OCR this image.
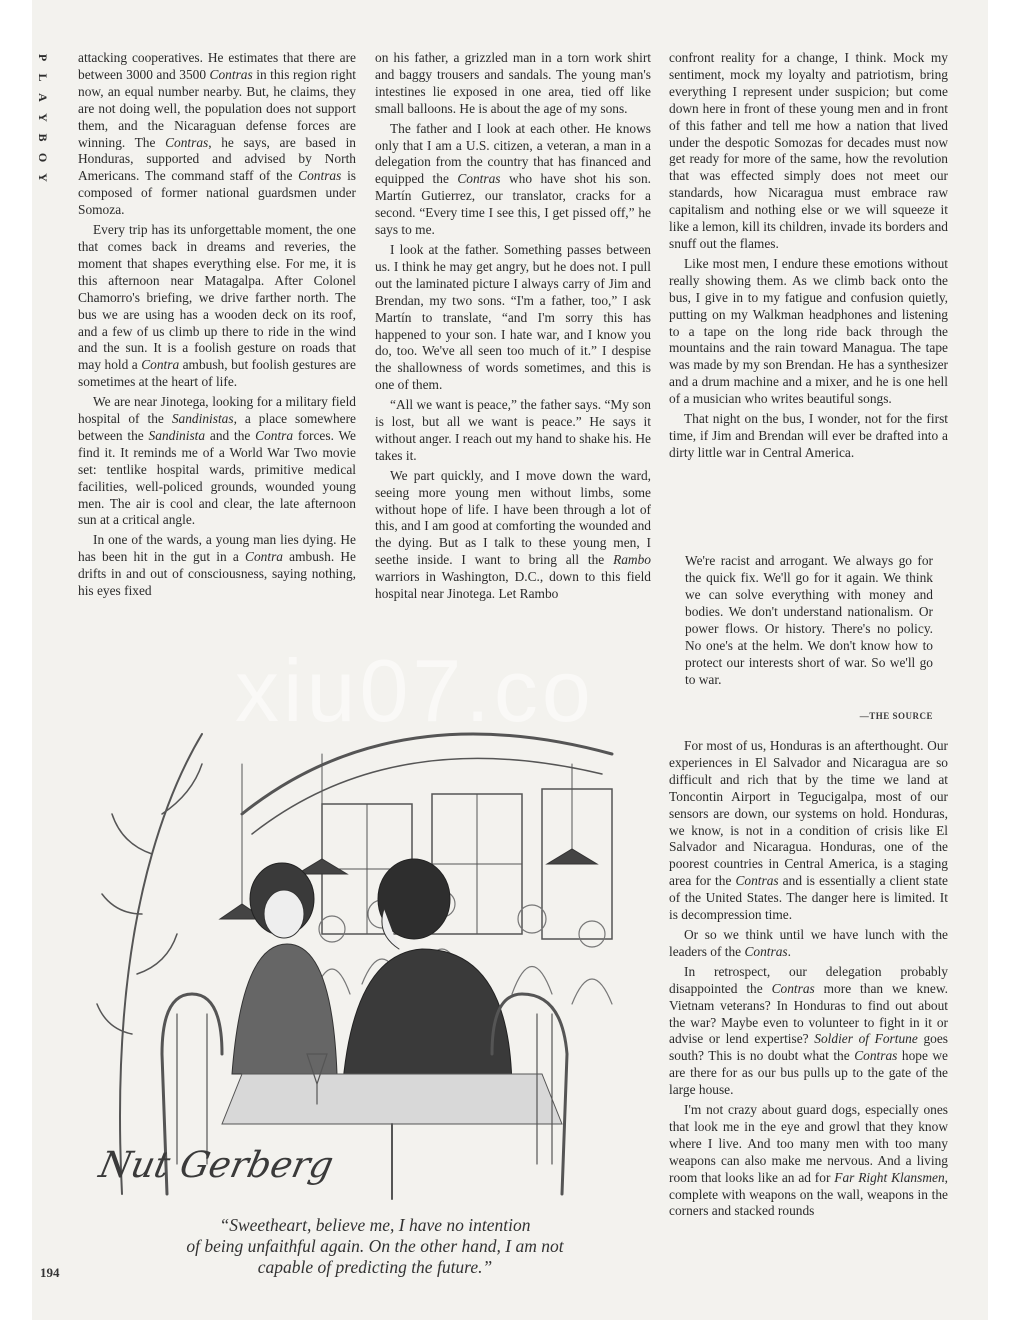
P
L
A
Y
B
O
Y

attacking cooperatives. He estimates that there are between 3000 and 3500 Contras in this region right now, an equal number nearby. But, he claims, they are not doing well, the population does not support them, and the Nicaraguan defense forces are winning. The Contras, he says, are based in Honduras, supported and advised by North Americans. The command staff of the Contras is composed of former national guardsmen under Somoza.

Every trip has its unforgettable moment, the one that comes back in dreams and reveries, the moment that shapes everything else. For me, it is this afternoon near Matagalpa. After Colonel Chamorro's briefing, we drive farther north. The bus we are using has a wooden deck on its roof, and a few of us climb up there to ride in the wind and the sun. It is a foolish gesture on roads that may hold a Contra ambush, but foolish gestures are sometimes at the heart of life.

We are near Jinotega, looking for a military field hospital of the Sandinistas, a place somewhere between the Sandinista and the Contra forces. We find it. It reminds me of a World War Two movie set: tentlike hospital wards, primitive medical facilities, well-policed grounds, wounded young men. The air is cool and clear, the late afternoon sun at a critical angle.

In one of the wards, a young man lies dying. He has been hit in the gut in a Contra ambush. He drifts in and out of consciousness, saying nothing, his eyes fixed

on his father, a grizzled man in a torn work shirt and baggy trousers and sandals. The young man's intestines lie exposed in one area, tied off like small balloons. He is about the age of my sons.

The father and I look at each other. He knows only that I am a U.S. citizen, a veteran, a man in a delegation from the country that has financed and equipped the Contras who have shot his son. Martín Gutierrez, our translator, cracks for a second. “Every time I see this, I get pissed off,” he says to me.

I look at the father. Something passes between us. I think he may get angry, but he does not. I pull out the laminated picture I always carry of Jim and Brendan, my two sons. “I'm a father, too,” I ask Martín to translate, “and I'm sorry this has happened to your son. I hate war, and I know you do, too. We've all seen too much of it.” I despise the shallowness of words sometimes, and this is one of them.

“All we want is peace,” the father says. “My son is lost, but all we want is peace.” He says it without anger. I reach out my hand to shake his. He takes it.

We part quickly, and I move down the ward, seeing more young men without limbs, some without hope of life. I have been through a lot of this, and I am good at comforting the wounded and the dying. But as I talk to these young men, I seethe inside. I want to bring all the Rambo warriors in Washington, D.C., down to this field hospital near Jinotega. Let Rambo

confront reality for a change, I think. Mock my sentiment, mock my loyalty and patriotism, bring everything I represent under suspicion; but come down here in front of these young men and in front of this father and tell me how a nation that lived under the despotic Somozas for decades must now get ready for more of the same, how the revolution that was effected simply does not meet our standards, how Nicaragua must embrace raw capitalism and nothing else or we will squeeze it like a lemon, kill its children, invade its borders and snuff out the flames.

Like most men, I endure these emotions without really showing them. As we climb back onto the bus, I give in to my fatigue and confusion quietly, putting on my Walkman headphones and listening to a tape on the long ride back through the mountains and the rain toward Managua. The tape was made by my son Brendan. He has a synthesizer and a drum machine and a mixer, and he is one hell of a musician who writes beautiful songs.

That night on the bus, I wonder, not for the first time, if Jim and Brendan will ever be drafted into a dirty little war in Central America.

We're racist and arrogant. We always go for the quick fix. We'll go for it again. We think we can solve everything with money and bodies. We don't understand nationalism. Or power flows. Or history. There's no policy. No one's at the helm. We don't know how to protect our interests short of war. So we'll go to war.

—THE SOURCE

For most of us, Honduras is an afterthought. Our experiences in El Salvador and Nicaragua are so difficult and rich that by the time we land at Toncontin Airport in Tegucigalpa, most of our sensors are down, our systems on hold. Honduras, we know, is not in a condition of crisis like El Salvador and Nicaragua. Honduras, one of the poorest countries in Central America, is a staging area for the Contras and is essentially a client state of the United States. The danger here is limited. It is decompression time.

Or so we think until we have lunch with the leaders of the Contras.

In retrospect, our delegation probably disappointed the Contras more than we knew. Vietnam veterans? In Honduras to find out about the war? Maybe even to volunteer to fight in it or advise or lend expertise? Soldier of Fortune goes south? This is no doubt what the Contras hope we are there for as our bus pulls up to the gate of the large house.

I'm not crazy about guard dogs, especially ones that look me in the eye and growl that they know where I live. And too many men with too many weapons can also make me nervous. And a living room that looks like an ad for Far Right Klansmen, complete with weapons on the wall, weapons in the corners and stacked rounds

Nut Gerberg
“Sweetheart, believe me, I have no intention
of being unfaithful again. On the other hand, I am not
capable of predicting the future.”
194
xiu07.co
